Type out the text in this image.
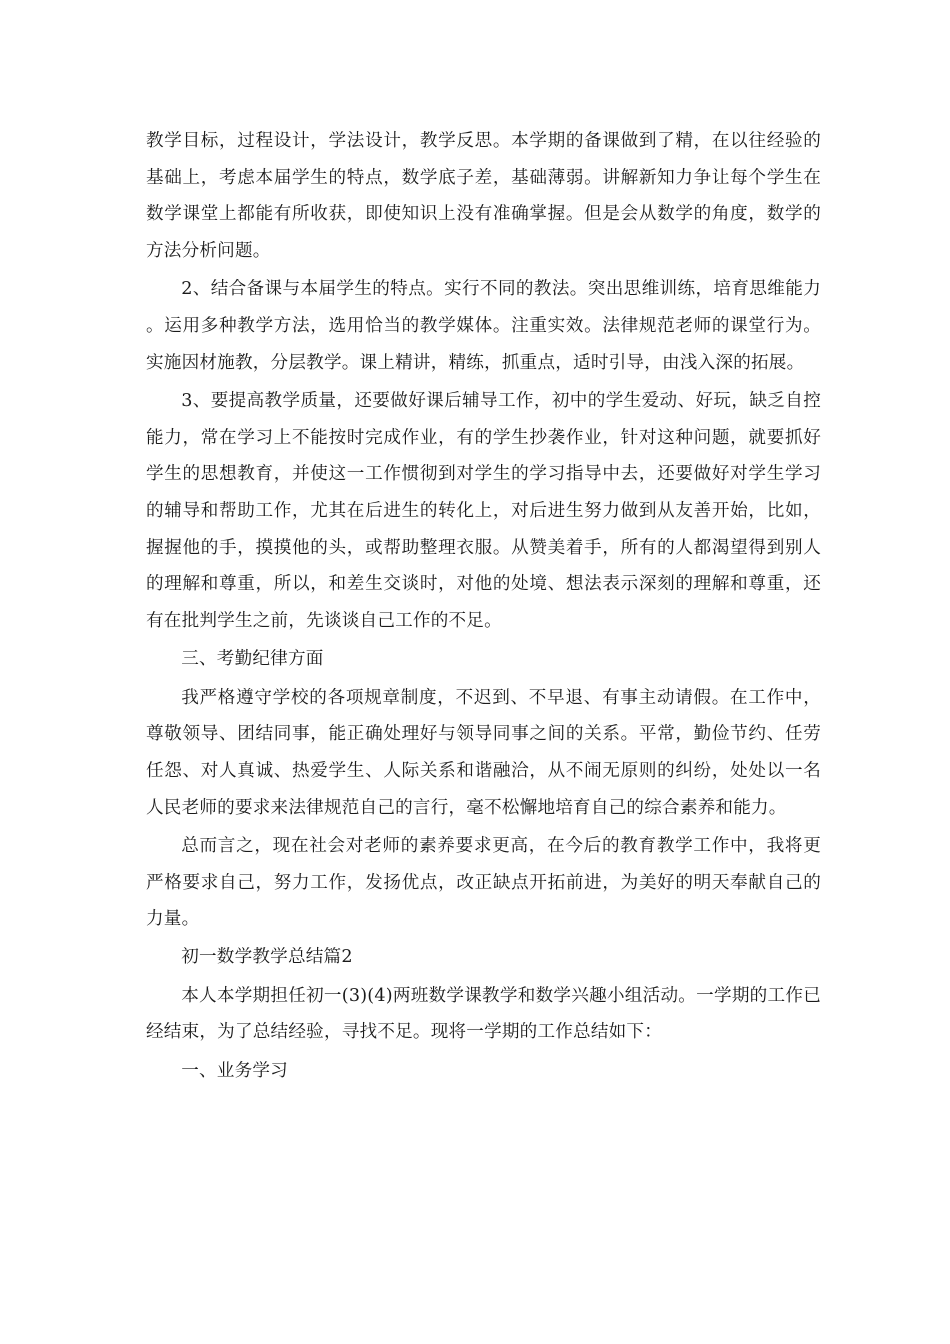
教学目标，过程设计，学法设计，教学反思。本学期的备课做到了精，在以往经验的基础上，考虑本届学生的特点，数学底子差，基础薄弱。讲解新知力争让每个学生在数学课堂上都能有所收获，即使知识上没有准确掌握。但是会从数学的角度，数学的方法分析问题。

2、结合备课与本届学生的特点。实行不同的教法。突出思维训练，培育思维能力。运用多种教学方法，选用恰当的教学媒体。注重实效。法律规范老师的课堂行为。实施因材施教，分层教学。课上精讲，精练，抓重点，适时引导，由浅入深的拓展。

3、要提高教学质量，还要做好课后辅导工作，初中的学生爱动、好玩，缺乏自控能力，常在学习上不能按时完成作业，有的学生抄袭作业，针对这种问题，就要抓好学生的思想教育，并使这一工作惯彻到对学生的学习指导中去，还要做好对学生学习的辅导和帮助工作，尤其在后进生的转化上，对后进生努力做到从友善开始，比如，握握他的手，摸摸他的头，或帮助整理衣服。从赞美着手，所有的人都渴望得到别人的理解和尊重，所以，和差生交谈时，对他的处境、想法表示深刻的理解和尊重，还有在批判学生之前，先谈谈自己工作的不足。

三、考勤纪律方面

我严格遵守学校的各项规章制度，不迟到、不早退、有事主动请假。在工作中，尊敬领导、团结同事，能正确处理好与领导同事之间的关系。平常，勤俭节约、任劳任怨、对人真诚、热爱学生、人际关系和谐融洽，从不闹无原则的纠纷，处处以一名人民老师的要求来法律规范自己的言行，毫不松懈地培育自己的综合素养和能力。

总而言之，现在社会对老师的素养要求更高，在今后的教育教学工作中，我将更严格要求自己，努力工作，发扬优点，改正缺点开拓前进，为美好的明天奉献自己的力量。

初一数学教学总结篇2

本人本学期担任初一(3)(4)两班数学课教学和数学兴趣小组活动。一学期的工作已经结束，为了总结经验，寻找不足。现将一学期的工作总结如下：

一、业务学习
